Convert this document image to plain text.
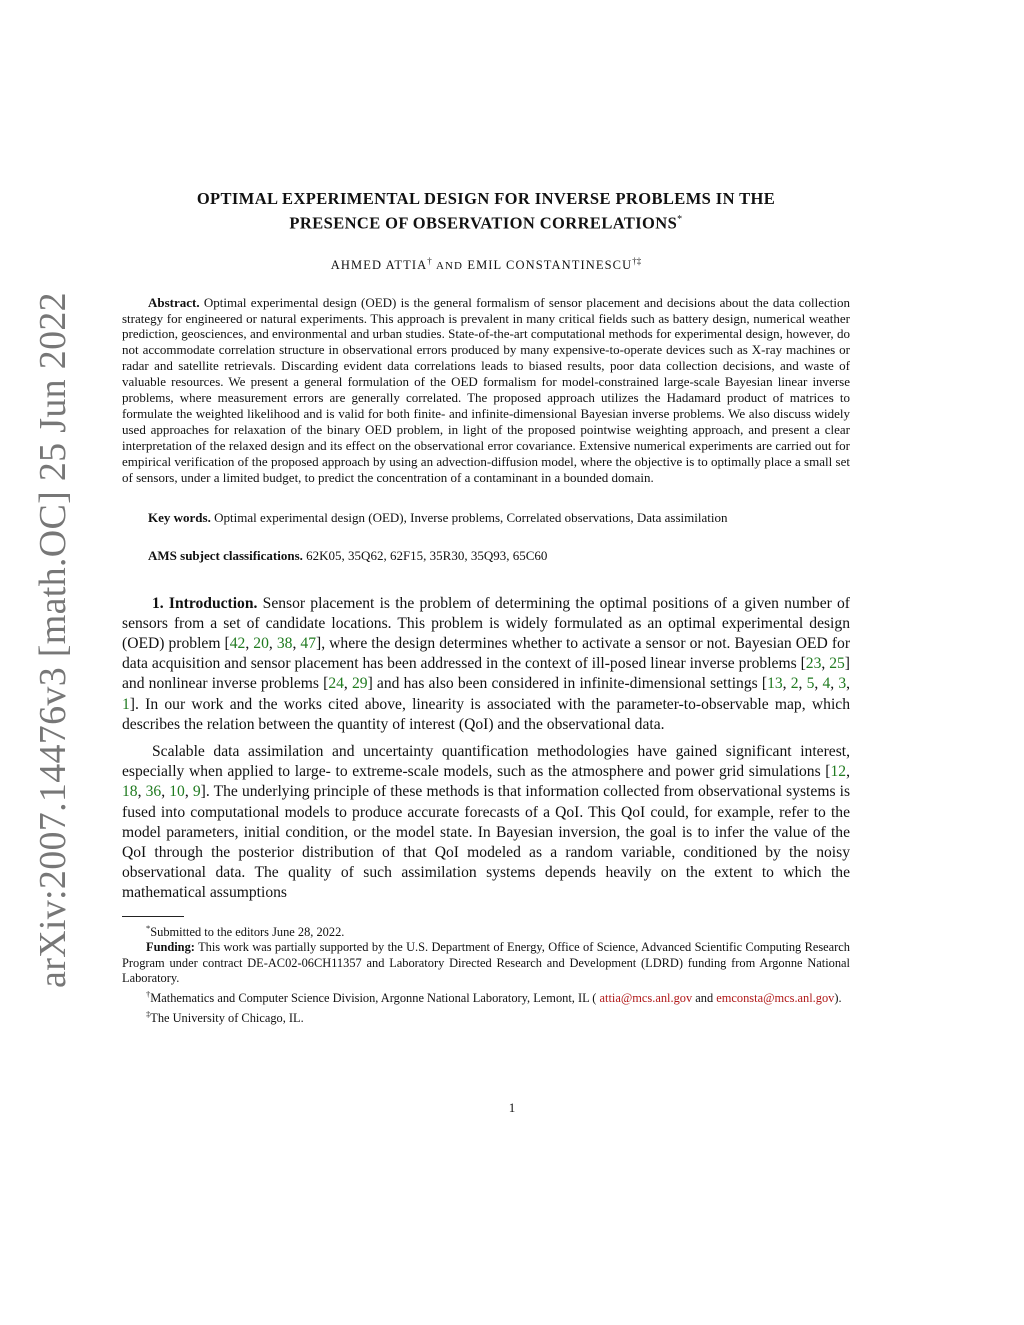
arXiv:2007.14476v3 [math.OC] 25 Jun 2022
OPTIMAL EXPERIMENTAL DESIGN FOR INVERSE PROBLEMS IN THE
PRESENCE OF OBSERVATION CORRELATIONS*
AHMED ATTIA† AND EMIL CONSTANTINESCU†‡
Abstract. Optimal experimental design (OED) is the general formalism of sensor placement and decisions about the data collection strategy for engineered or natural experiments. This approach is prevalent in many critical fields such as battery design, numerical weather prediction, geosciences, and environmental and urban studies. State-of-the-art computational methods for experimental design, however, do not accommodate correlation structure in observational errors produced by many expensive-to-operate devices such as X-ray machines or radar and satellite retrievals. Discarding evident data correlations leads to biased results, poor data collection decisions, and waste of valuable resources. We present a general formulation of the OED formalism for model-constrained large-scale Bayesian linear inverse problems, where measurement errors are generally correlated. The proposed approach utilizes the Hadamard product of matrices to formulate the weighted likelihood and is valid for both finite- and infinite-dimensional Bayesian inverse problems. We also discuss widely used approaches for relaxation of the binary OED problem, in light of the proposed pointwise weighting approach, and present a clear interpretation of the relaxed design and its effect on the observational error covariance. Extensive numerical experiments are carried out for empirical verification of the proposed approach by using an advection-diffusion model, where the objective is to optimally place a small set of sensors, under a limited budget, to predict the concentration of a contaminant in a bounded domain.
Key words. Optimal experimental design (OED), Inverse problems, Correlated observations, Data assimilation
AMS subject classifications. 62K05, 35Q62, 62F15, 35R30, 35Q93, 65C60

1. Introduction. Sensor placement is the problem of determining the optimal positions of a given number of sensors from a set of candidate locations. This problem is widely formulated as an optimal experimental design (OED) problem [42, 20, 38, 47], where the design determines whether to activate a sensor or not. Bayesian OED for data acquisition and sensor placement has been addressed in the context of ill-posed linear inverse problems [23, 25] and nonlinear inverse problems [24, 29] and has also been considered in infinite-dimensional settings [13, 2, 5, 4, 3, 1]. In our work and the works cited above, linearity is associated with the parameter-to-observable map, which describes the relation between the quantity of interest (QoI) and the observational data.

Scalable data assimilation and uncertainty quantification methodologies have gained significant interest, especially when applied to large- to extreme-scale models, such as the atmosphere and power grid simulations [12, 18, 36, 10, 9]. The underlying principle of these methods is that information collected from observational systems is fused into computational models to produce accurate forecasts of a QoI. This QoI could, for example, refer to the model parameters, initial condition, or the model state. In Bayesian inversion, the goal is to infer the value of the QoI through the posterior distribution of that QoI modeled as a random variable, conditioned by the noisy observational data. The quality of such assimilation systems depends heavily on the extent to which the mathematical assumptions

*Submitted to the editors June 28, 2022.

Funding: This work was partially supported by the U.S. Department of Energy, Office of Science, Advanced Scientific Computing Research Program under contract DE-AC02-06CH11357 and Laboratory Directed Research and Development (LDRD) funding from Argonne National Laboratory.

†Mathematics and Computer Science Division, Argonne National Laboratory, Lemont, IL ( attia@mcs.anl.gov and emconsta@mcs.anl.gov).

‡The University of Chicago, IL.

1
